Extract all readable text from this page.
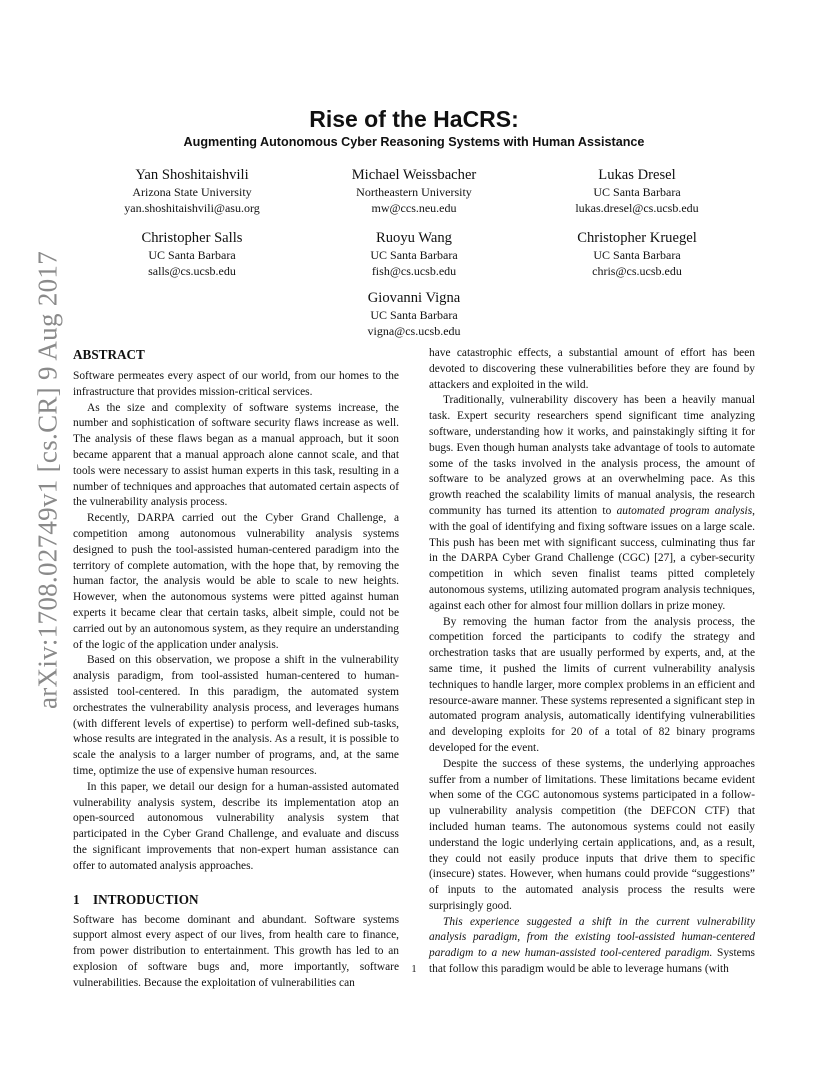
arXiv:1708.02749v1 [cs.CR] 9 Aug 2017
Rise of the HaCRS:
Augmenting Autonomous Cyber Reasoning Systems with Human Assistance
Yan Shoshitaishvili
Arizona State University
yan.shoshitaishvili@asu.org
Michael Weissbacher
Northeastern University
mw@ccs.neu.edu
Lukas Dresel
UC Santa Barbara
lukas.dresel@cs.ucsb.edu
Christopher Salls
UC Santa Barbara
salls@cs.ucsb.edu
Ruoyu Wang
UC Santa Barbara
fish@cs.ucsb.edu
Christopher Kruegel
UC Santa Barbara
chris@cs.ucsb.edu
Giovanni Vigna
UC Santa Barbara
vigna@cs.ucsb.edu
ABSTRACT

Software permeates every aspect of our world, from our homes to the infrastructure that provides mission-critical services.

As the size and complexity of software systems increase, the number and sophistication of software security flaws increase as well. The analysis of these flaws began as a manual approach, but it soon became apparent that a manual approach alone cannot scale, and that tools were necessary to assist human experts in this task, resulting in a number of techniques and approaches that automated certain aspects of the vulnerability analysis process.

Recently, DARPA carried out the Cyber Grand Challenge, a competition among autonomous vulnerability analysis systems designed to push the tool-assisted human-centered paradigm into the territory of complete automation, with the hope that, by removing the human factor, the analysis would be able to scale to new heights. However, when the autonomous systems were pitted against human experts it became clear that certain tasks, albeit simple, could not be carried out by an autonomous system, as they require an understanding of the logic of the application under analysis.

Based on this observation, we propose a shift in the vulnerability analysis paradigm, from tool-assisted human-centered to human-assisted tool-centered. In this paradigm, the automated system orchestrates the vulnerability analysis process, and leverages humans (with different levels of expertise) to perform well-defined sub-tasks, whose results are integrated in the analysis. As a result, it is possible to scale the analysis to a larger number of programs, and, at the same time, optimize the use of expensive human resources.

In this paper, we detail our design for a human-assisted automated vulnerability analysis system, describe its implementation atop an open-sourced autonomous vulnerability analysis system that participated in the Cyber Grand Challenge, and evaluate and discuss the significant improvements that non-expert human assistance can offer to automated analysis approaches.

1 INTRODUCTION

Software has become dominant and abundant. Software systems support almost every aspect of our lives, from health care to finance, from power distribution to entertainment. This growth has led to an explosion of software bugs and, more importantly, software vulnerabilities. Because the exploitation of vulnerabilities can

have catastrophic effects, a substantial amount of effort has been devoted to discovering these vulnerabilities before they are found by attackers and exploited in the wild.

Traditionally, vulnerability discovery has been a heavily manual task. Expert security researchers spend significant time analyzing software, understanding how it works, and painstakingly sifting it for bugs. Even though human analysts take advantage of tools to automate some of the tasks involved in the analysis process, the amount of software to be analyzed grows at an overwhelming pace. As this growth reached the scalability limits of manual analysis, the research community has turned its attention to automated program analysis, with the goal of identifying and fixing software issues on a large scale. This push has been met with significant success, culminating thus far in the DARPA Cyber Grand Challenge (CGC) [27], a cyber-security competition in which seven finalist teams pitted completely autonomous systems, utilizing automated program analysis techniques, against each other for almost four million dollars in prize money.

By removing the human factor from the analysis process, the competition forced the participants to codify the strategy and orchestration tasks that are usually performed by experts, and, at the same time, it pushed the limits of current vulnerability analysis techniques to handle larger, more complex problems in an efficient and resource-aware manner. These systems represented a significant step in automated program analysis, automatically identifying vulnerabilities and developing exploits for 20 of a total of 82 binary programs developed for the event.

Despite the success of these systems, the underlying approaches suffer from a number of limitations. These limitations became evident when some of the CGC autonomous systems participated in a follow-up vulnerability analysis competition (the DEFCON CTF) that included human teams. The autonomous systems could not easily understand the logic underlying certain applications, and, as a result, they could not easily produce inputs that drive them to specific (insecure) states. However, when humans could provide “suggestions” of inputs to the automated analysis process the results were surprisingly good.

This experience suggested a shift in the current vulnerability analysis paradigm, from the existing tool-assisted human-centered paradigm to a new human-assisted tool-centered paradigm. Systems that follow this paradigm would be able to leverage humans (with

1
